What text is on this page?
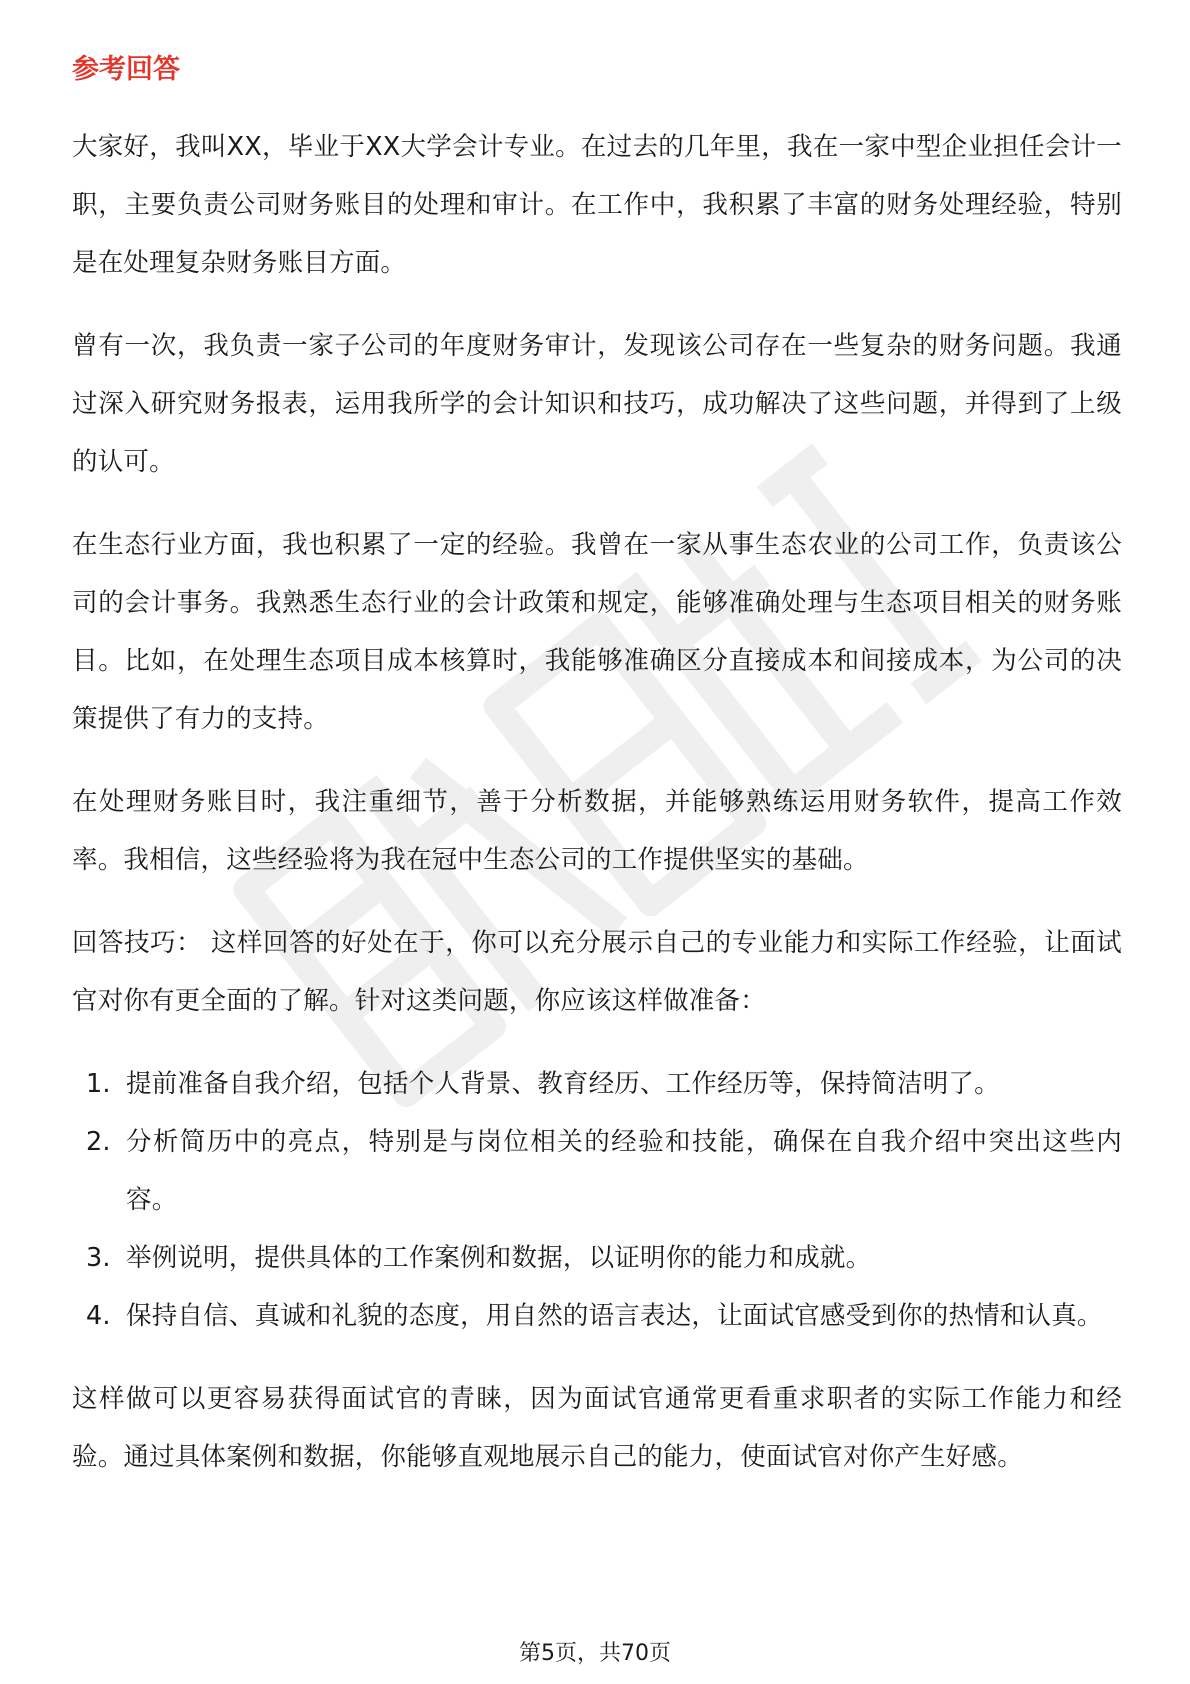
参考回答

大家好，我叫XX，毕业于XX大学会计专业。在过去的几年里，我在一家中型企业担任会计一职，主要负责公司财务账目的处理和审计。在工作中，我积累了丰富的财务处理经验，特别是在处理复杂财务账目方面。

曾有一次，我负责一家子公司的年度财务审计，发现该公司存在一些复杂的财务问题。我通过深入研究财务报表，运用我所学的会计知识和技巧，成功解决了这些问题，并得到了上级的认可。

在生态行业方面，我也积累了一定的经验。我曾在一家从事生态农业的公司工作，负责该公司的会计事务。我熟悉生态行业的会计政策和规定，能够准确处理与生态项目相关的财务账目。比如，在处理生态项目成本核算时，我能够准确区分直接成本和间接成本，为公司的决策提供了有力的支持。

在处理财务账目时，我注重细节，善于分析数据，并能够熟练运用财务软件，提高工作效率。我相信，这些经验将为我在冠中生态公司的工作提供坚实的基础。

回答技巧： 这样回答的好处在于，你可以充分展示自己的专业能力和实际工作经验，让面试官对你有更全面的了解。针对这类问题，你应该这样做准备：

1. 提前准备自我介绍，包括个人背景、教育经历、工作经历等，保持简洁明了。
2. 分析简历中的亮点，特别是与岗位相关的经验和技能，确保在自我介绍中突出这些内容。
3. 举例说明，提供具体的工作案例和数据，以证明你的能力和成就。
4. 保持自信、真诚和礼貌的态度，用自然的语言表达，让面试官感受到你的热情和认真。

这样做可以更容易获得面试官的青睐，因为面试官通常更看重求职者的实际工作能力和经验。通过具体案例和数据，你能够直观地展示自己的能力，使面试官对你产生好感。

第5页，共70页
